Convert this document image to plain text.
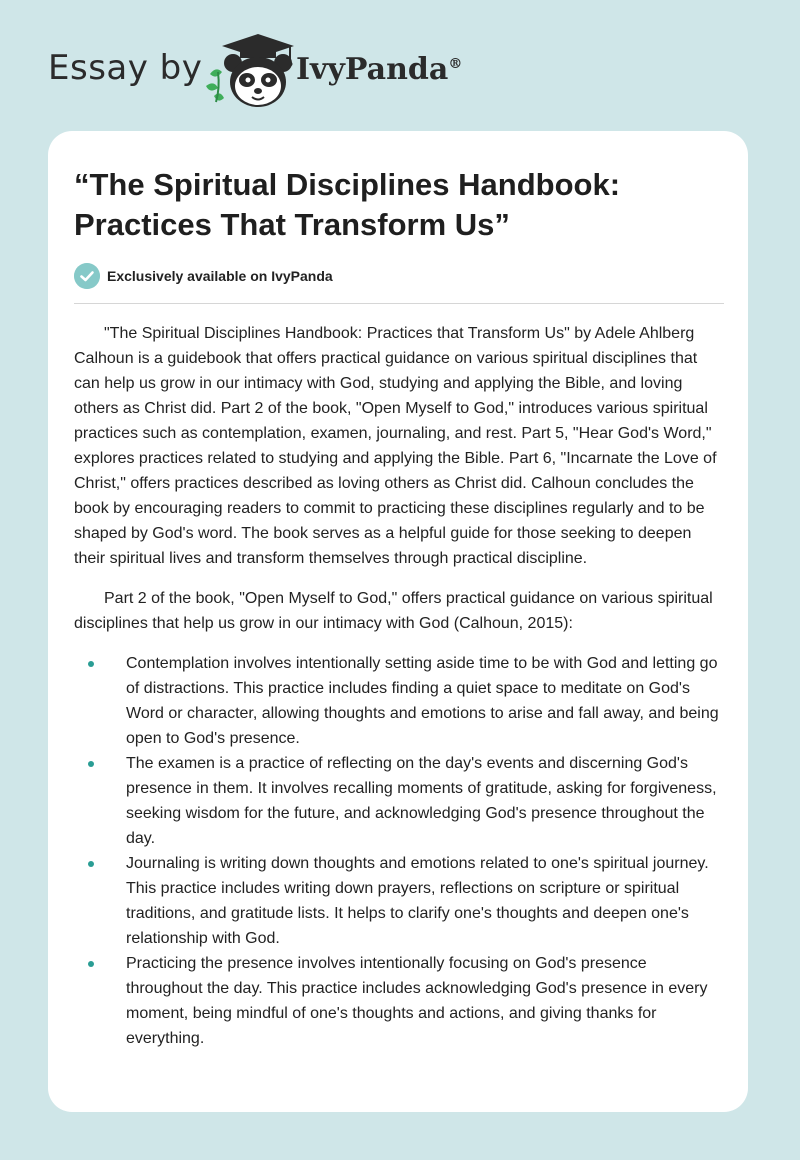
Essay by	IvyPanda®
“The Spiritual Disciplines Handbook: Practices That Transform Us”
Exclusively available on IvyPanda

"The Spiritual Disciplines Handbook: Practices that Transform Us" by Adele Ahlberg Calhoun is a guidebook that offers practical guidance on various spiritual disciplines that can help us grow in our intimacy with God, studying and applying the Bible, and loving others as Christ did. Part 2 of the book, "Open Myself to God," introduces various spiritual practices such as contemplation, examen, journaling, and rest. Part 5, "Hear God's Word," explores practices related to studying and applying the Bible. Part 6, "Incarnate the Love of Christ," offers practices described as loving others as Christ did. Calhoun concludes the book by encouraging readers to commit to practicing these disciplines regularly and to be shaped by God's word. The book serves as a helpful guide for those seeking to deepen their spiritual lives and transform themselves through practical discipline.

Part 2 of the book, "Open Myself to God," offers practical guidance on various spiritual disciplines that help us grow in our intimacy with God (Calhoun, 2015):

Contemplation involves intentionally setting aside time to be with God and letting go of distractions. This practice includes finding a quiet space to meditate on God's Word or character, allowing thoughts and emotions to arise and fall away, and being open to God's presence.
The examen is a practice of reflecting on the day's events and discerning God's presence in them. It involves recalling moments of gratitude, asking for forgiveness, seeking wisdom for the future, and acknowledging God's presence throughout the day.
Journaling is writing down thoughts and emotions related to one's spiritual journey. This practice includes writing down prayers, reflections on scripture or spiritual traditions, and gratitude lists. It helps to clarify one's thoughts and deepen one's relationship with God.
Practicing the presence involves intentionally focusing on God's presence throughout the day. This practice includes acknowledging God's presence in every moment, being mindful of one's thoughts and actions, and giving thanks for everything.
